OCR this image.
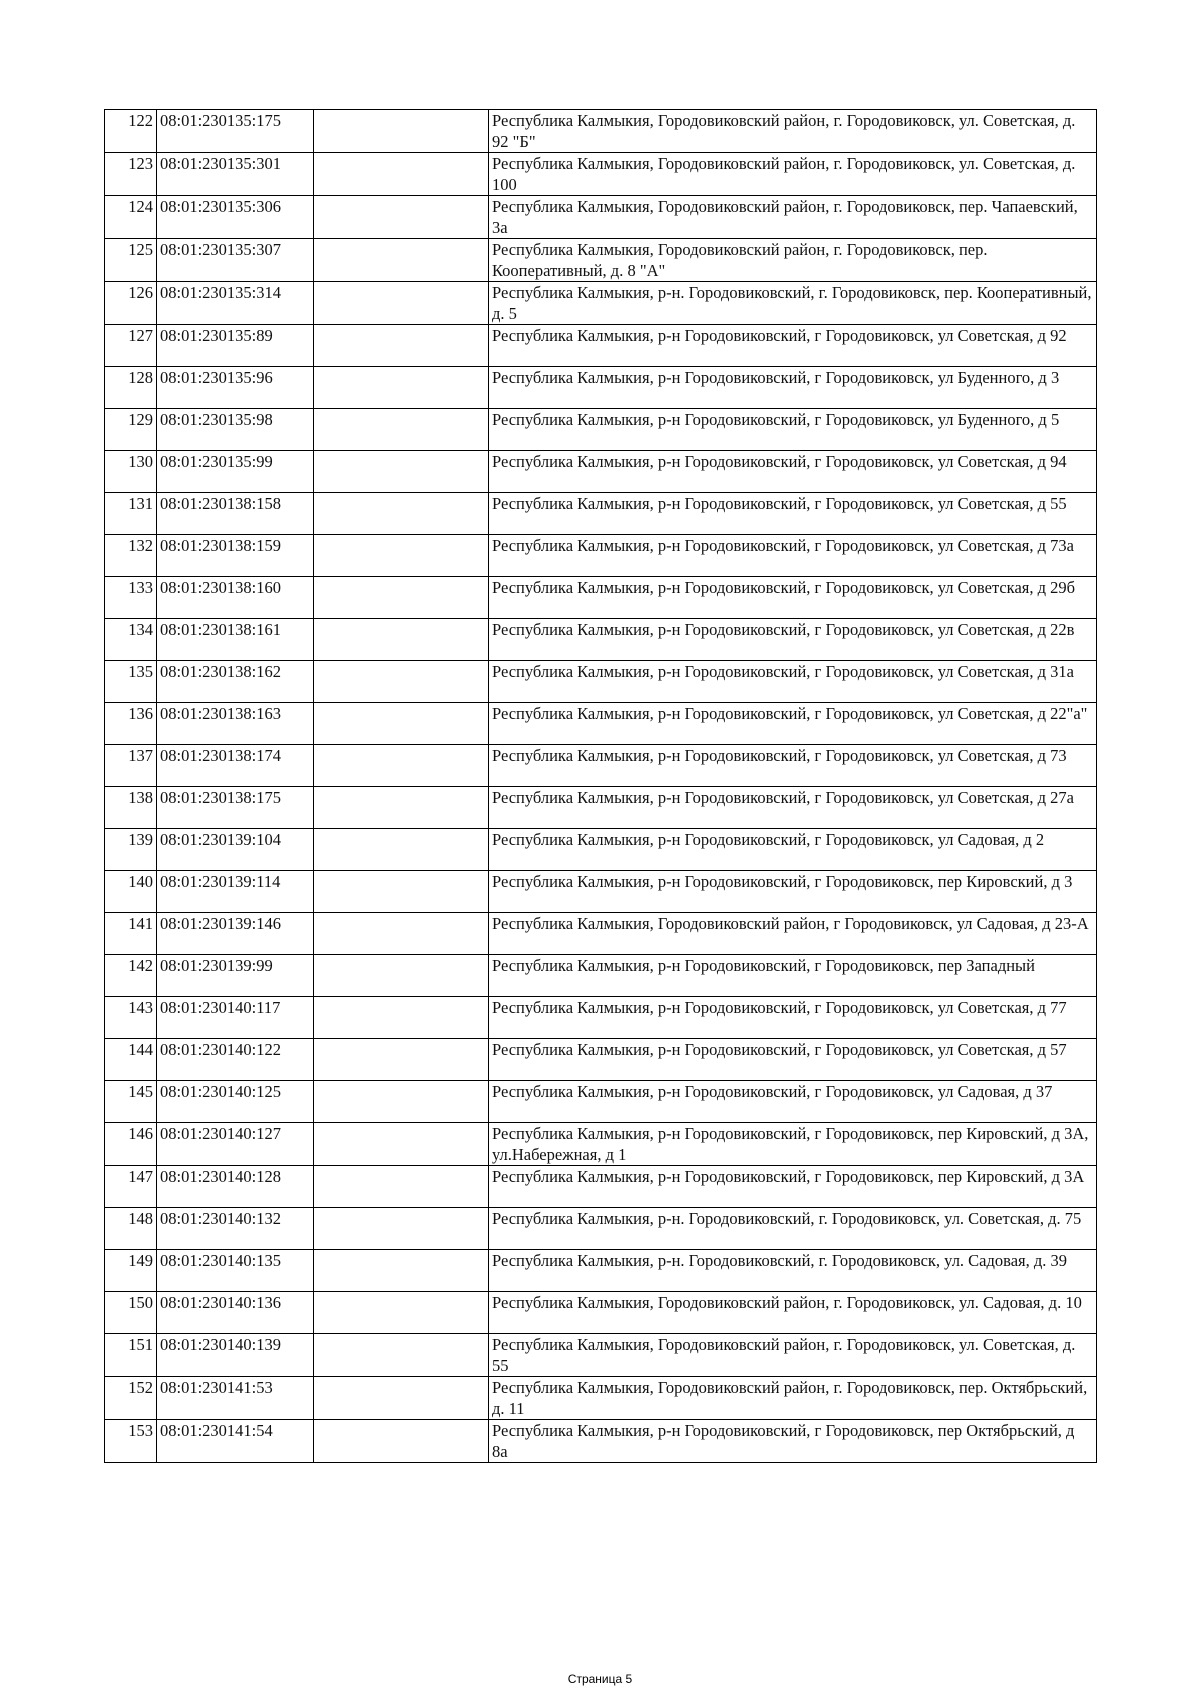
122	08:01:230135:175		Республика Калмыкия, Городовиковский район, г. Городовиковск, ул. Советская, д. 92 "Б"
123	08:01:230135:301		Республика Калмыкия, Городовиковский район, г. Городовиковск, ул. Советская, д. 100
124	08:01:230135:306		Республика Калмыкия, Городовиковский район, г. Городовиковск, пер. Чапаевский, 3а
125	08:01:230135:307		Республика Калмыкия, Городовиковский район, г. Городовиковск, пер. Кооперативный, д. 8 "А"
126	08:01:230135:314		Республика Калмыкия, р-н. Городовиковский, г. Городовиковск, пер. Кооперативный, д. 5
127	08:01:230135:89		Республика Калмыкия, р-н Городовиковский, г Городовиковск, ул Советская, д 92
128	08:01:230135:96		Республика Калмыкия, р-н Городовиковский, г Городовиковск, ул Буденного, д 3
129	08:01:230135:98		Республика Калмыкия, р-н Городовиковский, г Городовиковск, ул Буденного, д 5
130	08:01:230135:99		Республика Калмыкия, р-н Городовиковский, г Городовиковск, ул Советская, д 94
131	08:01:230138:158		Республика Калмыкия, р-н Городовиковский, г Городовиковск, ул Советская, д 55
132	08:01:230138:159		Республика Калмыкия, р-н Городовиковский, г Городовиковск, ул Советская, д 73а
133	08:01:230138:160		Республика Калмыкия, р-н Городовиковский, г Городовиковск, ул Советская, д 29б
134	08:01:230138:161		Республика Калмыкия, р-н Городовиковский, г Городовиковск, ул Советская, д 22в
135	08:01:230138:162		Республика Калмыкия, р-н Городовиковский, г Городовиковск, ул Советская, д 31а
136	08:01:230138:163		Республика Калмыкия, р-н Городовиковский, г Городовиковск, ул Советская, д 22"а"
137	08:01:230138:174		Республика Калмыкия, р-н Городовиковский, г Городовиковск, ул Советская, д 73
138	08:01:230138:175		Республика Калмыкия, р-н Городовиковский, г Городовиковск, ул Советская, д 27а
139	08:01:230139:104		Республика Калмыкия, р-н Городовиковский, г Городовиковск, ул Садовая, д 2
140	08:01:230139:114		Республика Калмыкия, р-н Городовиковский, г Городовиковск, пер Кировский, д 3
141	08:01:230139:146		Республика Калмыкия, Городовиковский район, г Городовиковск, ул Садовая, д 23-А
142	08:01:230139:99		Республика Калмыкия, р-н Городовиковский, г Городовиковск, пер Западный
143	08:01:230140:117		Республика Калмыкия, р-н Городовиковский, г Городовиковск, ул Советская, д 77
144	08:01:230140:122		Республика Калмыкия, р-н Городовиковский, г Городовиковск, ул Советская, д 57
145	08:01:230140:125		Республика Калмыкия, р-н Городовиковский, г Городовиковск, ул Садовая, д 37
146	08:01:230140:127		Республика Калмыкия, р-н Городовиковский, г Городовиковск, пер Кировский, д 3А, ул.Набережная, д 1
147	08:01:230140:128		Республика Калмыкия, р-н Городовиковский, г Городовиковск, пер Кировский, д 3А
148	08:01:230140:132		Республика Калмыкия, р-н. Городовиковский, г. Городовиковск, ул. Советская, д. 75
149	08:01:230140:135		Республика Калмыкия, р-н. Городовиковский, г. Городовиковск, ул. Садовая, д. 39
150	08:01:230140:136		Республика Калмыкия, Городовиковский район, г. Городовиковск, ул. Садовая, д. 10
151	08:01:230140:139		Республика Калмыкия, Городовиковский район, г. Городовиковск, ул. Советская, д. 55
152	08:01:230141:53		Республика Калмыкия, Городовиковский район, г. Городовиковск, пер. Октябрьский, д. 11
153	08:01:230141:54		Республика Калмыкия, р-н Городовиковский, г Городовиковск, пер Октябрьский, д 8а
Страница 5
